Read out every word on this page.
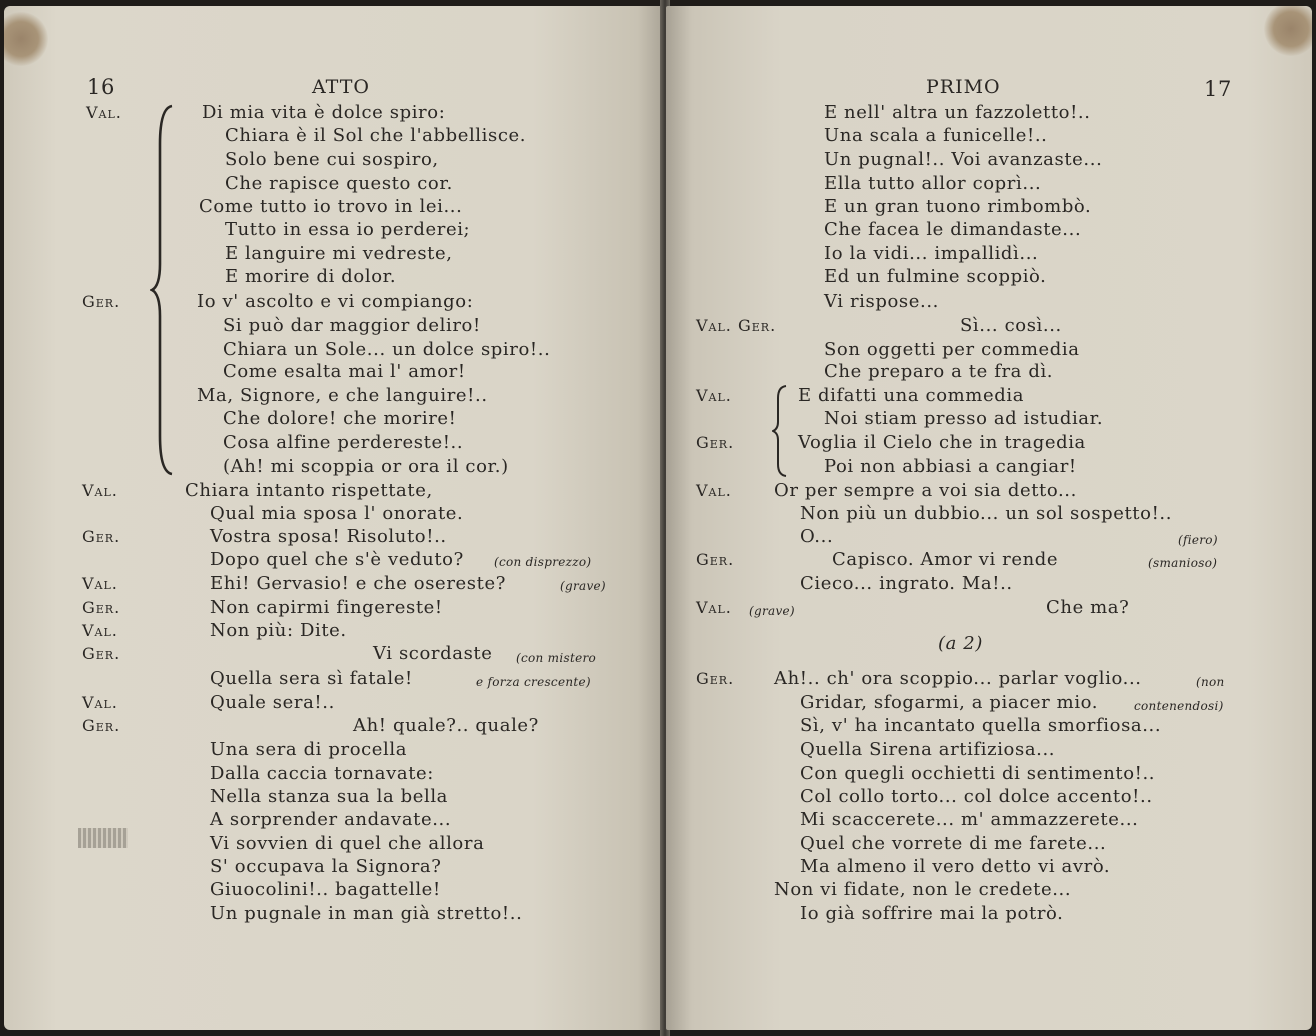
16	ATTO
Val.	Di mia vita è dolce spiro:
Chiara è il Sol che l'abbellisce.
Solo bene cui sospiro,
Che rapisce questo cor.
Come tutto io trovo in lei...
Tutto in essa io perderei;
E languire mi vedreste,
E morire di dolor.
Ger.	Io v' ascolto e vi compiango:
Si può dar maggior deliro!
Chiara un Sole... un dolce spiro!..
Come esalta mai l' amor!
Ma, Signore, e che languire!..
Che dolore! che morire!
Cosa alfine perdereste!..
(Ah! mi scoppia or ora il cor.)
Val.	Chiara intanto rispettate,
Qual mia sposa l' onorate.
Ger.	Vostra sposa! Risoluto!..
Dopo quel che s'è veduto?	(con disprezzo)
Val.	Ehi! Gervasio! e che osereste?	(grave)
Ger.	Non capirmi fingereste!
Val.	Non più: Dite.
Ger.	Vi scordaste (con mistero
Quella sera sì fatale!	e forza crescente)
Val.	Quale sera!..
Ger.	Ah! quale?.. quale?
Una sera di procella
Dalla caccia tornavate:
Nella stanza sua la bella
A sorprender andavate...
Vi sovvien di quel che allora
S' occupava la Signora?
Giuocolini!.. bagattelle!
Un pugnale in man già stretto!..
PRIMO	17
E nell' altra un fazzoletto!..
Una scala a funicelle!..
Un pugnal!.. Voi avanzaste...
Ella tutto allor coprì...
E un gran tuono rimbombò.
Che facea le dimandaste...
Io la vidi... impallidì...
Ed un fulmine scoppiò.
Vi rispose...
Val. Ger.	Sì... così...
Son oggetti per commedia
Che preparo a te fra dì.
Val.	E difatti una commedia
Noi stiam presso ad istudiar.
Ger.	Voglia il Cielo che in tragedia
Poi non abbiasi a cangiar!
Val. Or per sempre a voi sia detto...
Non più un dubbio... un sol sospetto!..
O...	(fiero)
Ger.	Capisco. Amor vi rende	(smanioso)
Cieco... ingrato. Ma!..
Val. (grave)	Che ma?
(a 2)
Ger. Ah!.. ch' ora scoppio... parlar voglio...	(non
Gridar, sfogarmi, a piacer mio.	contenendosi)
Sì, v' ha incantato quella smorfiosa...
Quella Sirena artifiziosa...
Con quegli occhietti di sentimento!..
Col collo torto... col dolce accento!..
Mi scaccerete... m' ammazzerete...
Quel che vorrete di me farete...
Ma almeno il vero detto vi avrò.
Non vi fidate, non le credete...
Io già soffrire mai la potrò.
